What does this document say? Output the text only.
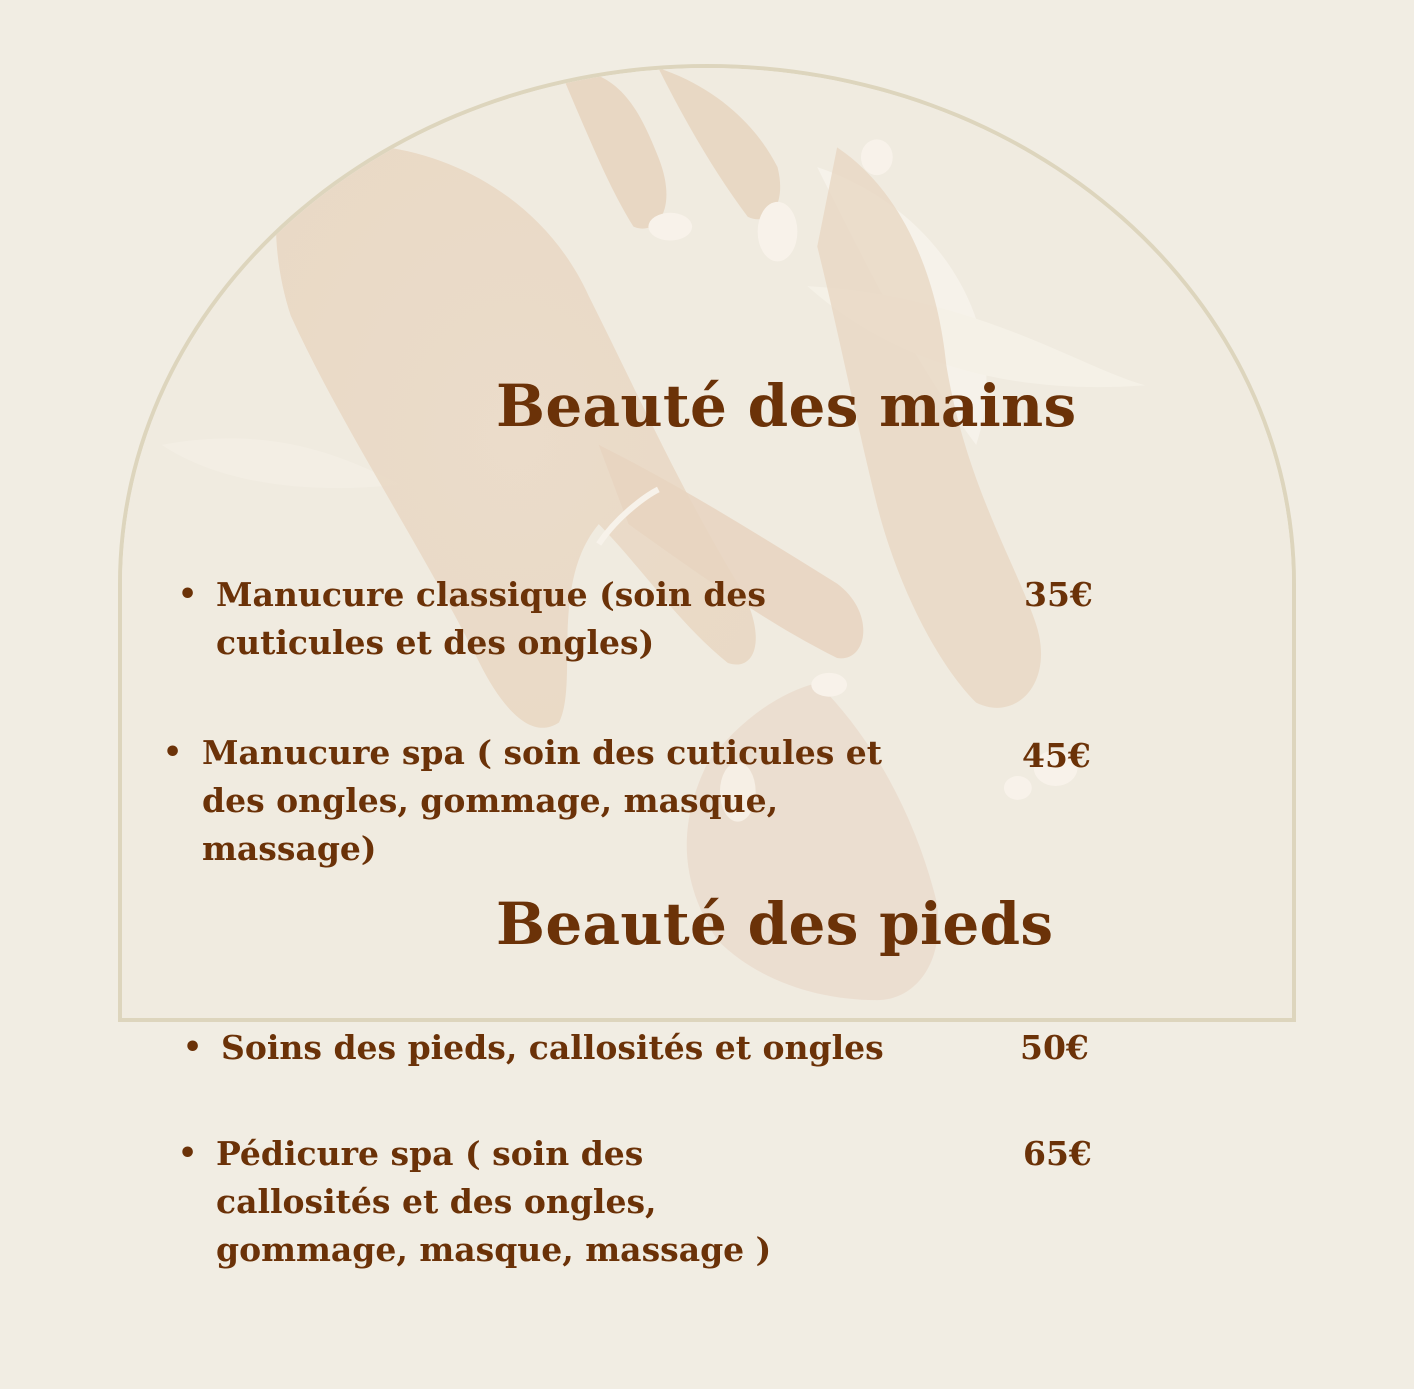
Beauté des mains
• Manucure classique (soin des cuticules et des ongles)
35€
• Manucure spa ( soin des cuticules et des ongles, gommage, masque, massage)
45€
Beauté des pieds
• Soins des pieds, callosités et ongles	50€
• Pédicure spa ( soin des callosités et des ongles, gommage, masque, massage )
65€
